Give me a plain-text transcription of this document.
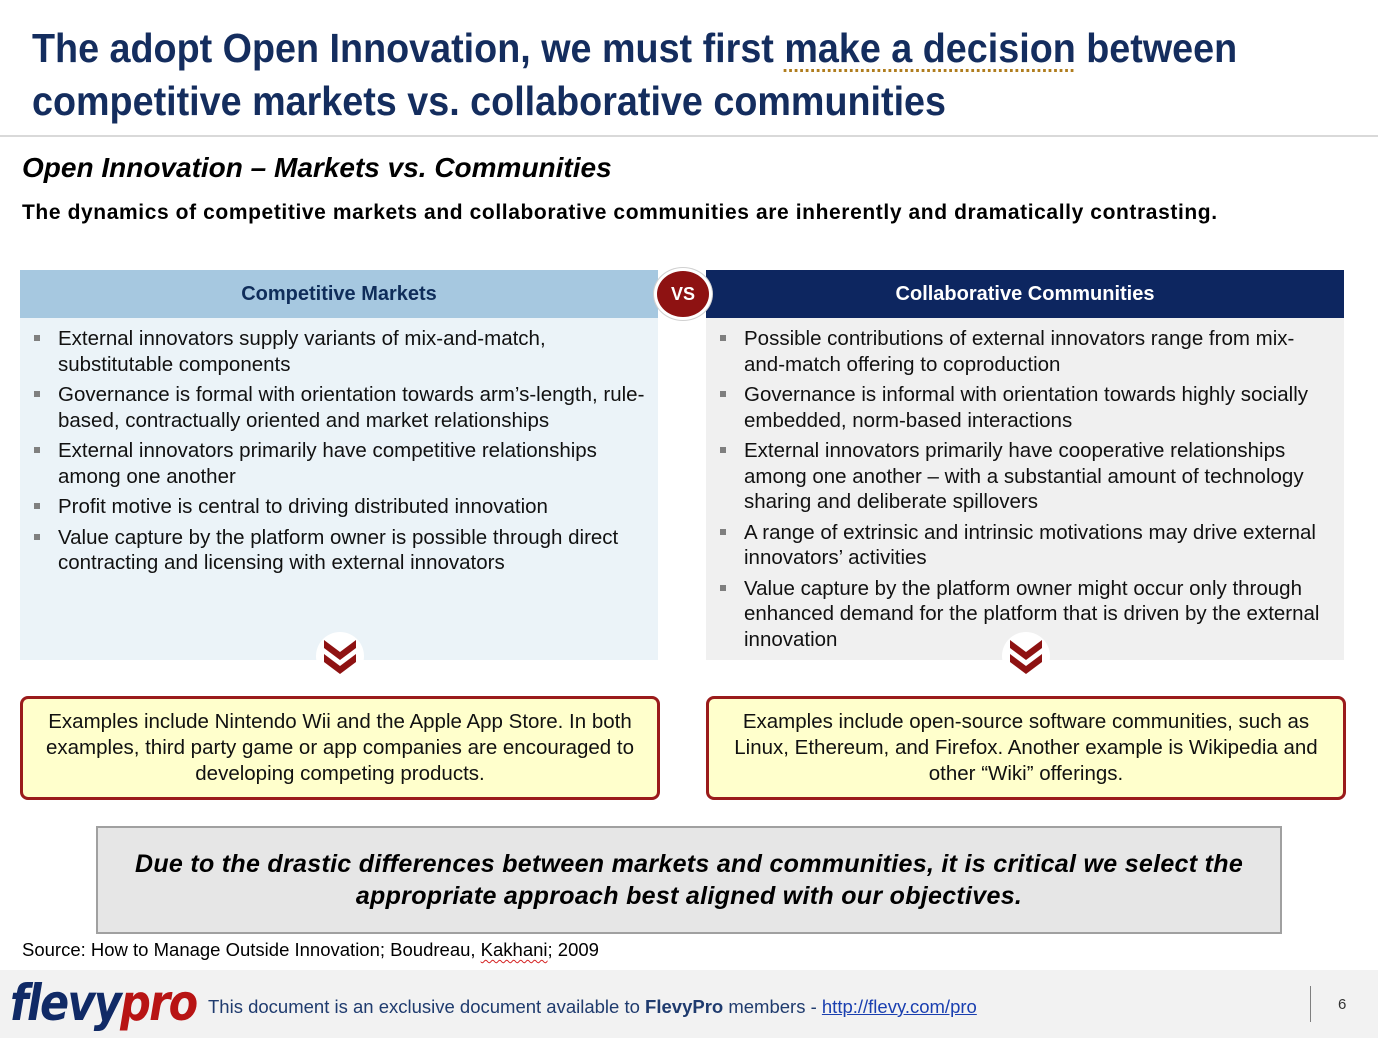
The adopt Open Innovation, we must first make a decision between
competitive markets vs. collaborative communities
Open Innovation – Markets vs. Communities
The dynamics of competitive markets and collaborative communities are inherently and dramatically contrasting.
Competitive Markets
External innovators supply variants of mix-and-match, substitutable components
Governance is formal with orientation towards arm’s-length, rule-based, contractually oriented and market relationships
External innovators primarily have competitive relationships among one another
Profit motive is central to driving distributed innovation
Value capture by the platform owner is possible through direct contracting and licensing with external innovators
Collaborative Communities
Possible contributions of external innovators range from mix-and-match offering to coproduction
Governance is informal with orientation towards highly socially embedded, norm-based interactions
External innovators primarily have cooperative relationships among one another – with a substantial amount of technology sharing and deliberate spillovers
A range of extrinsic and intrinsic motivations may drive external innovators’ activities
Value capture by the platform owner might occur only through enhanced demand for the platform that is driven by the external innovation
VS
Examples include Nintendo Wii and the Apple App Store. In both examples, third party game or app companies are encouraged to developing competing products.
Examples include open-source software communities, such as Linux, Ethereum, and Firefox. Another example is Wikipedia and other “Wiki” offerings.
Due to the drastic differences between markets and communities, it is critical we select the appropriate approach best aligned with our objectives.
Source: How to Manage Outside Innovation; Boudreau, Kakhani; 2009
flevypro This document is an exclusive document available to FlevyPro members - http://flevy.com/pro	6
